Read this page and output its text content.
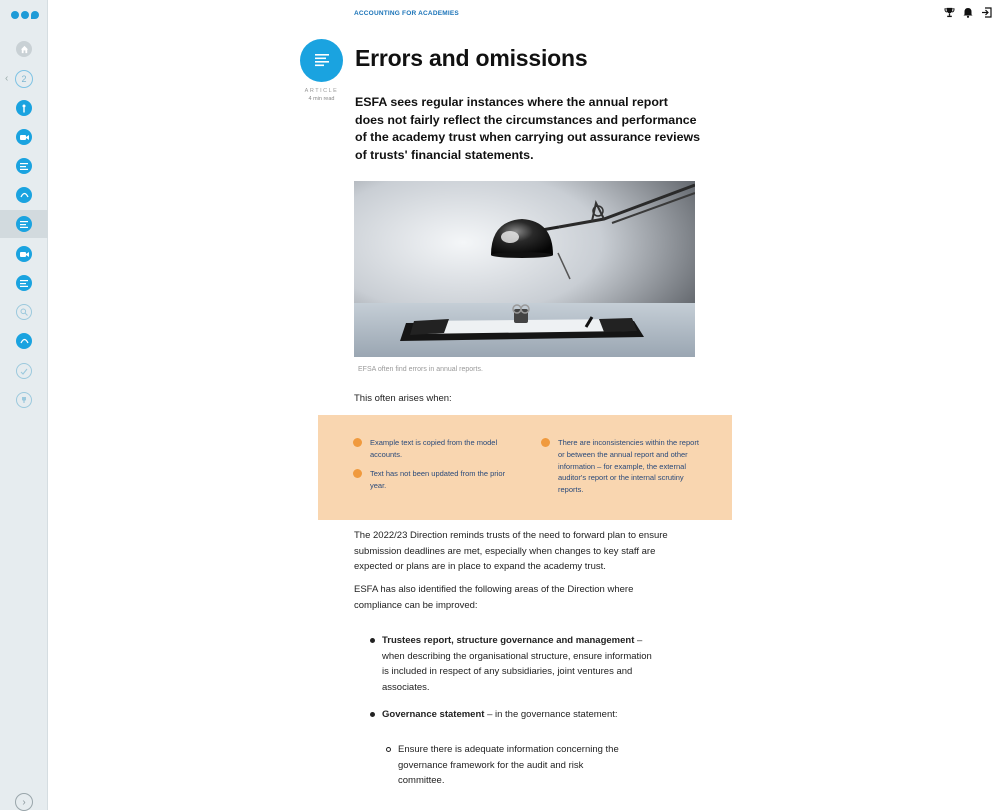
‹	2
›
ACCOUNTING FOR ACADEMIES
ARTICLE
4 min read
Errors and omissions
ESFA sees regular instances where the annual report does not fairly reflect the circumstances and performance of the academy trust when carrying out assurance reviews of trusts' financial statements.
EFSA often find errors in annual reports.
This often arises when:
Example text is copied from the model accounts.
Text has not been updated from the prior year.
There are inconsistencies within the report or between the annual report and other information – for example, the external auditor's report or the internal scrutiny reports.
The 2022/23 Direction reminds trusts of the need to forward plan to ensure submission deadlines are met, especially when changes to key staff are expected or plans are in place to expand the academy trust.
ESFA has also identified the following areas of the Direction where compliance can be improved:
Trustees report, structure governance and management – when describing the organisational structure, ensure information is included in respect of any subsidiaries, joint ventures and associates.
Governance statement – in the governance statement:
Ensure there is adequate information concerning the governance framework for the audit and risk committee.
